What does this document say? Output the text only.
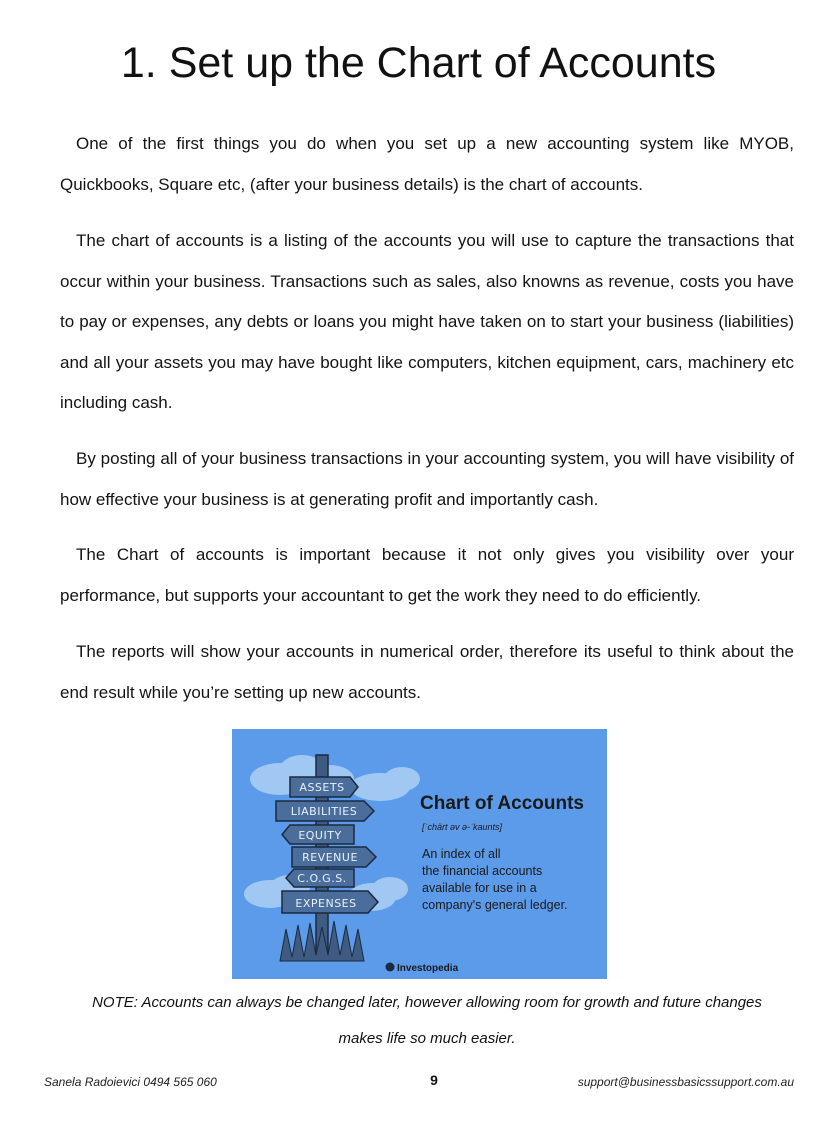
1. Set up the Chart of Accounts

One of the first things you do when you set up a new accounting system like MYOB, Quickbooks, Square etc, (after your business details) is the chart of accounts.

The chart of accounts is a listing of the accounts you will use to capture the transactions that occur within your business. Transactions such as sales, also knowns as revenue, costs you have to pay or expenses, any debts or loans you might have taken on to start your business (liabilities) and all your assets you may have bought like computers, kitchen equipment, cars, machinery etc including cash.

By posting all of your business transactions in your accounting system, you will have visibility of how effective your business is at generating profit and importantly cash.

The Chart of accounts is important because it not only gives you visibility over your performance, but supports your accountant to get the work they need to do efficiently.

The reports will show your accounts in numerical order, therefore its useful to think about the end result while you’re setting up new accounts.

ASSETS
LIABILITIES
EQUITY
REVENUE
C.O.G.S.
EXPENSES
Chart of Accounts
[ˈchärt əv ə-ˈkaunts]
An index of all
the financial accounts
available for use in a
company's general ledger.
Investopedia

NOTE: Accounts can always be changed later, however allowing room for growth and future changes

makes life so much easier.

Sanela Radoievici 0494 565 060	9	support@businessbasicssupport.com.au
